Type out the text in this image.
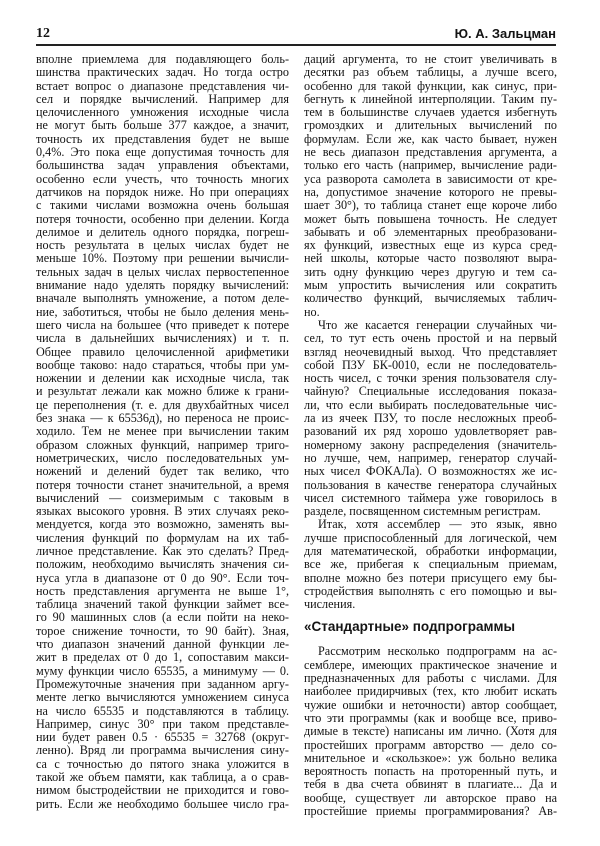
12	Ю. А. Зальцман
вполне приемлема для подавляющего боль-
шинства практических задач. Но тогда остро
встает вопрос о диапазоне представления чи-
сел и порядке вычислений. Например для
целочисленного умножения исходные числа
не могут быть больше 377 каждое, а значит,
точность их представления будет не выше
0,4%. Это пока еще допустимая точность для
большинства задач управления объектами,
особенно если учесть, что точность многих
датчиков на порядок ниже. Но при операциях
с такими числами возможна очень большая
потеря точности, особенно при делении. Когда
делимое и делитель одного порядка, погреш-
ность результата в целых числах будет не
меньше 10%. Поэтому при решении вычисли-
тельных задач в целых числах первостепенное
внимание надо уделять порядку вычислений:
вначале выполнять умножение, а потом деле-
ние, заботиться, чтобы не было деления мень-
шего числа на большее (что приведет к потере
числа в дальнейших вычислениях) и т. п.
Общее правило целочисленной арифметики
вообще таково: надо стараться, чтобы при ум-
ножении и делении как исходные числа, так
и результат лежали как можно ближе к грани-
це переполнения (т. е. для двухбайтных чисел
без знака — к 65536д), но переноса не проис-
ходило. Тем не менее при вычислении таким
образом сложных функций, например триго-
нометрических, число последовательных ум-
ножений и делений будет так велико, что
потеря точности станет значительной, а время
вычислений — соизмеримым с таковым в
языках высокого уровня. В этих случаях реко-
мендуется, когда это возможно, заменять вы-
числения функций по формулам на их таб-
личное представление. Как это сделать? Пред-
положим, необходимо вычислять значения си-
нуса угла в диапазоне от 0 до 90°. Если точ-
ность представления аргумента не выше 1°,
таблица значений такой функции займет все-
го 90 машинных слов (а если пойти на неко-
торое снижение точности, то 90 байт). Зная,
что диапазон значений данной функции ле-
жит в пределах от 0 до 1, сопоставим макси-
муму функции число 65535, а минимуму — 0.
Промежуточные значения при заданном аргу-
менте легко вычисляются умножением синуса
на число 65535 и подставляются в таблицу.
Например, синус 30° при таком представле-
нии будет равен 0.5 · 65535 = 32768 (округ-
ленно). Вряд ли программа вычисления сину-
са с точностью до пятого знака уложится в
такой же объем памяти, как таблица, а о срав-
нимом быстродействии не приходится и гово-
рить. Если же необходимо большее число гра-
даций аргумента, то не стоит увеличивать в
десятки раз объем таблицы, а лучше всего,
особенно для такой функции, как синус, при-
бегнуть к линейной интерполяции. Таким пу-
тем в большинстве случаев удается избегнуть
громоздких и длительных вычислений по
формулам. Если же, как часто бывает, нужен
не весь диапазон представления аргумента, а
только его часть (например, вычисление ради-
уса разворота самолета в зависимости от кре-
на, допустимое значение которого не превы-
шает 30°), то таблица станет еще короче либо
может быть повышена точность. Не следует
забывать и об элементарных преобразовани-
ях функций, известных еще из курса сред-
ней школы, которые часто позволяют выра-
зить одну функцию через другую и тем са-
мым упростить вычисления или сократить
количество функций, вычисляемых таблич-
но.
Что же касается генерации случайных чи-
сел, то тут есть очень простой и на первый
взгляд неочевидный выход. Что представляет
собой ПЗУ БК-0010, если не последователь-
ность чисел, с точки зрения пользователя слу-
чайную? Специальные исследования показа-
ли, что если выбирать последовательные чис-
ла из ячеек ПЗУ, то после несложных преоб-
разований их ряд хорошо удовлетворяет рав-
номерному закону распределения (значитель-
но лучше, чем, например, генератор случай-
ных чисел ФОКАЛа). О возможностях же ис-
пользования в качестве генератора случайных
чисел системного таймера уже говорилось в
разделе, посвященном системным регистрам.
Итак, хотя ассемблер — это язык, явно
лучше приспособленный для логической, чем
для математической, обработки информации,
все же, прибегая к специальным приемам,
вполне можно без потери присущего ему бы-
стродействия выполнять с его помощью и вы-
числения.
«Стандартные» подпрограммы
Рассмотрим несколько подпрограмм на ас-
семблере, имеющих практическое значение и
предназначенных для работы с числами. Для
наиболее придирчивых (тех, кто любит искать
чужие ошибки и неточности) автор сообщает,
что эти программы (как и вообще все, приво-
димые в тексте) написаны им лично. (Хотя для
простейших программ авторство — дело со-
мнительное и «скользкое»: уж больно велика
вероятность попасть на проторенный путь, и
тебя в два счета обвинят в плагиате... Да и
вообще, существует ли авторское право на
простейшие приемы программирования? Ав-
